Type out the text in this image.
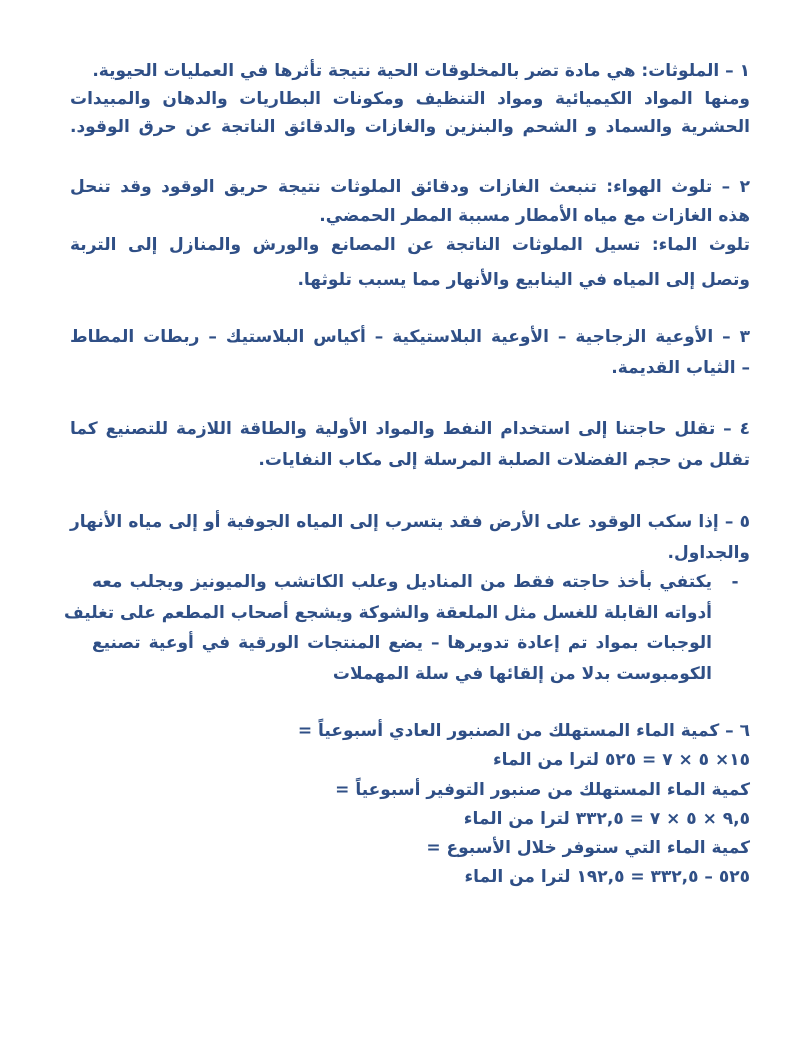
١ – الملوثات: هي مادة تضر بالمخلوقات الحية نتيجة تأثرها في العمليات الحيوية.
ومنها المواد الكيميائية ومواد التنظيف ومكونات البطاريات والدهان والمبيدات
الحشرية والسماد و الشحم والبنزين والغازات والدقائق الناتجة عن حرق الوقود.
٢ – تلوث الهواء: تنبعث الغازات ودقائق الملوثات نتيجة حريق الوقود وقد تنحل
هذه الغازات مع مياه الأمطار مسببة المطر الحمضي.
تلوث الماء: تسيل الملوثات الناتجة عن المصانع والورش والمنازل إلى التربة
وتصل إلى المياه في الينابيع والأنهار مما يسبب تلوثها.
٣ – الأوعية الزجاجية – الأوعية البلاستيكية – أكياس البلاستيك – ربطات المطاط
– الثياب القديمة.
٤ – تقلل حاجتنا إلى استخدام النفط والمواد الأولية والطاقة اللازمة للتصنيع كما
تقلل من حجم الفضلات الصلبة المرسلة إلى مكاب النفايات.
٥ – إذا سكب الوقود على الأرض فقد يتسرب إلى المياه الجوفية أو إلى مياه الأنهار
والجداول.
-
يكتفي بأخذ حاجته فقط من المناديل وعلب الكاتشب والميونيز ويجلب معه
أدواته القابلة للغسل مثل الملعقة والشوكة ويشجع أصحاب المطعم على تغليف
الوجبات بمواد تم إعادة تدويرها – يضع المنتجات الورقية في أوعية تصنيع
الكومبوست بدلا من إلقائها في سلة المهملات
٦ – كمية الماء المستهلك من الصنبور العادي أسبوعياً =
١٥× ٥ × ٧ = ٥٢٥ لترا من الماء
كمية الماء المستهلك من صنبور التوفير أسبوعياً =
٩,٥ × ٥ × ٧ = ٣٣٢,٥ لترا من الماء
كمية الماء التي ستوفر خلال الأسبوع =
٥٢٥ – ٣٣٢,٥ = ١٩٢,٥ لترا من الماء
